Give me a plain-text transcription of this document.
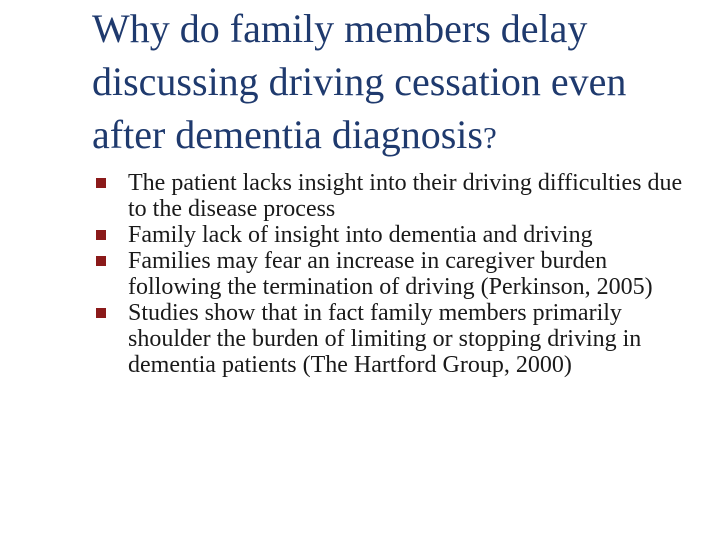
Why do family members delay discussing driving cessation even after dementia diagnosis?
The patient lacks insight into their driving difficulties due to the disease process
Family lack of insight into dementia and driving
Families may fear an increase in caregiver burden following the termination of driving (Perkinson, 2005)
Studies show that in fact family members primarily shoulder the burden of limiting or stopping driving in dementia patients (The Hartford Group, 2000)
